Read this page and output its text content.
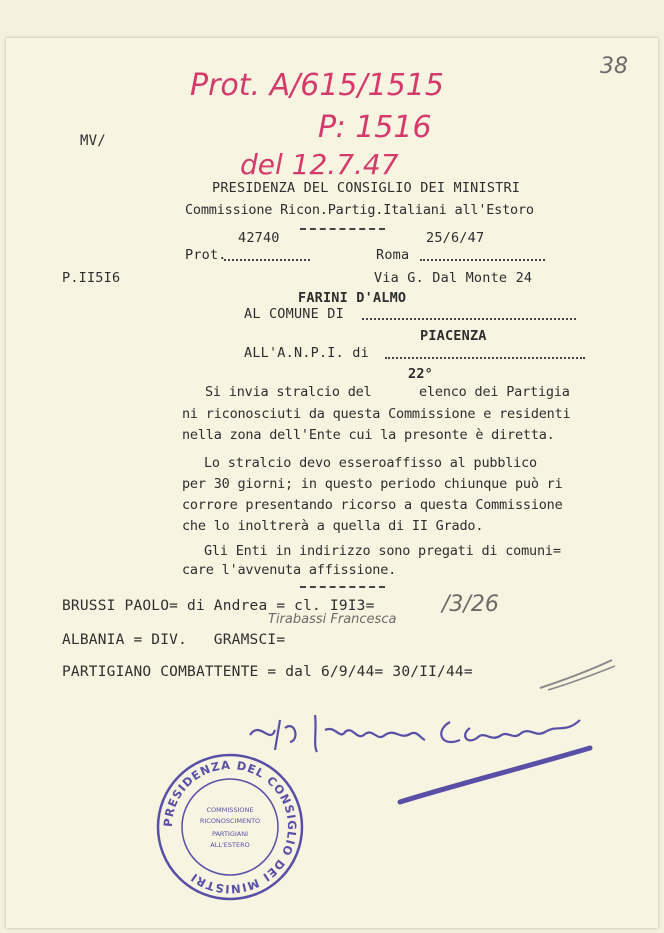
38
Prot. A/615/1515
P: 1516
del 12.7.47
MV/
PRESIDENZA DEL CONSIGLIO DEI MINISTRI
Commissione Ricon.Partig.Italiani all'Estoro
42740	25/6/47
Prot.	Roma
Via G. Dal Monte 24
P.II5I6
FARINI D'ALMO
AL COMUNE DI
PIACENZA
ALL'A.N.P.I. di
22°
Si invia stralcio del      elenco dei Partigia
ni riconosciuti da questa Commissione e residenti
nella zona dell'Ente cui la presonte è diretta.
Lo stralcio devo esseroaffisso al pubblico
per 30 giorni; in questo periodo chiunque può ri
corrore presentando ricorso a questa Commissione
che lo inoltrerà a quella di II Grado.
Gli Enti in indirizzo sono pregati di comuni=
care l'avvenuta affissione.
BRUSSI PAOLO= di Andrea = cl. I9I3=	/3/26
Tirabassi Francesca
ALBANIA = DIV.   GRAMSCI=
PARTIGIANO COMBATTENTE = dal 6/9/44= 30/II/44=
PRESIDENZA DEL CONSIGLIO DEI MINISTRI
COMMISSIONE
RICONOSCIMENTO
PARTIGIANI
ALL'ESTERO
